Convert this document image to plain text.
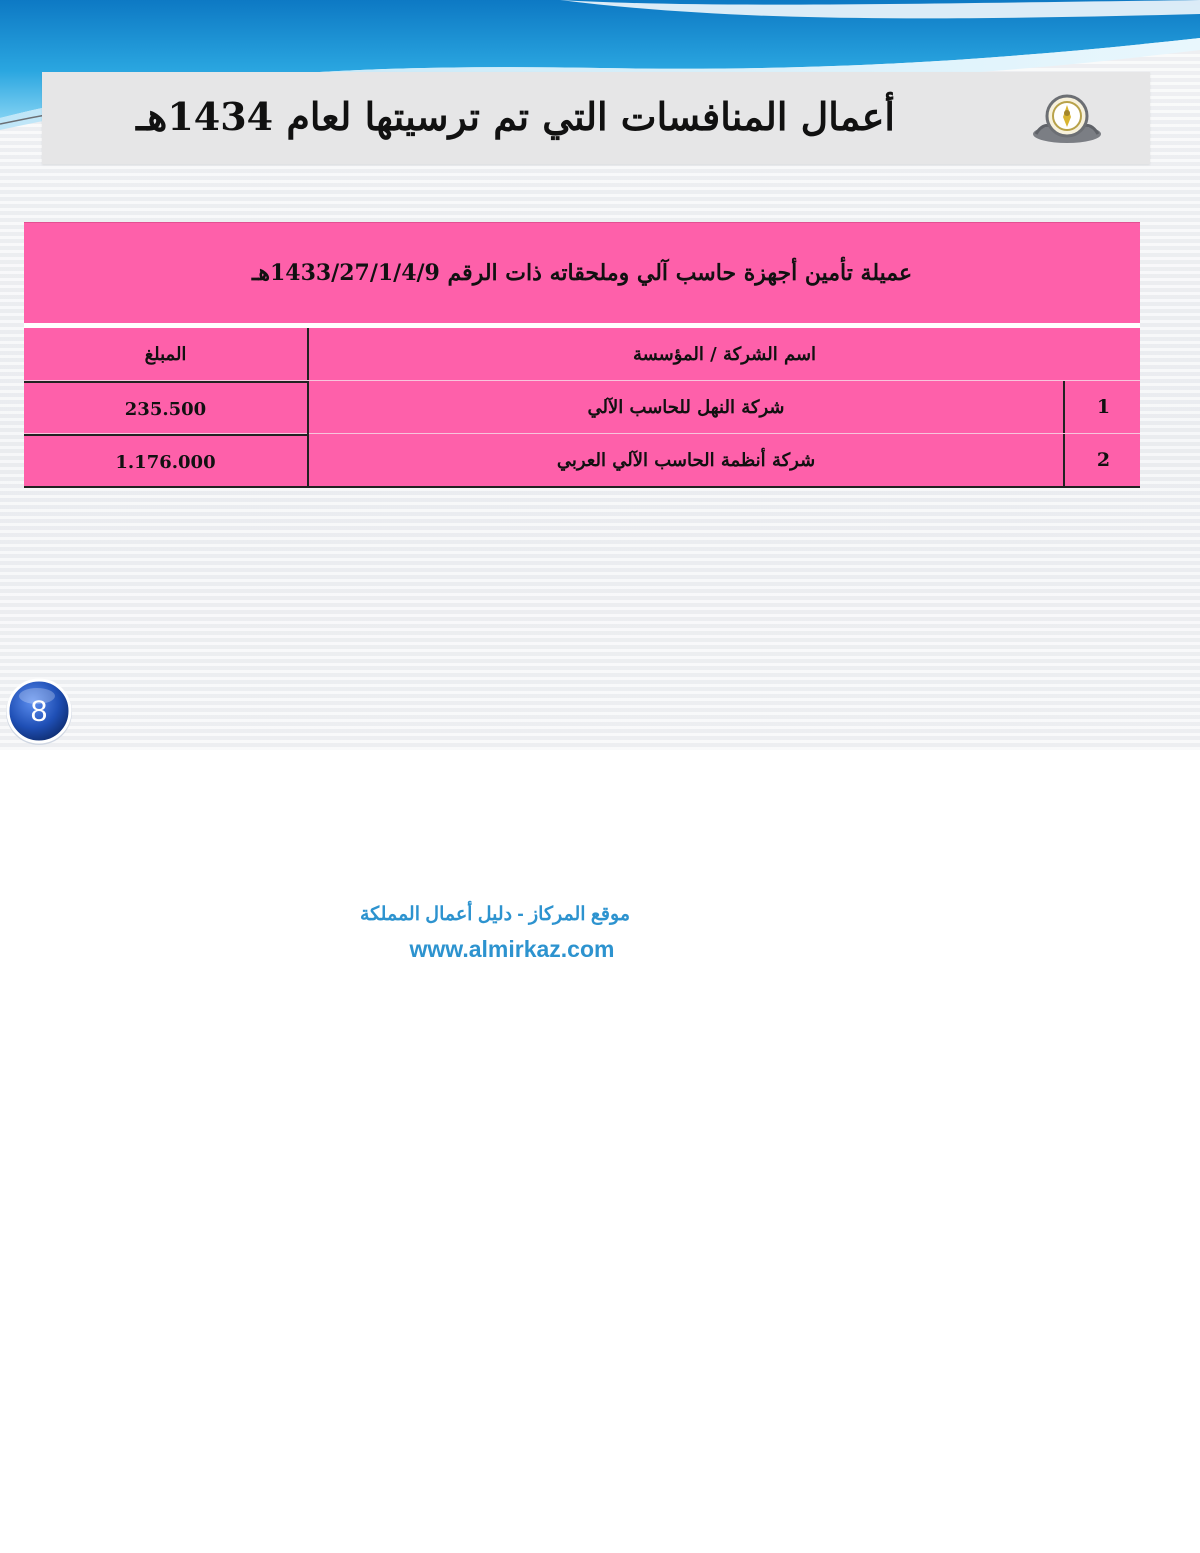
أعمال المنافسات التي تم ترسيتها لعام 1434هـ
عميلة تأمين أجهزة حاسب آلي وملحقاته ذات الرقم 1433/27/1/4/9هـ
المبلغ	اسم الشركة / المؤسسة
235.500	شركة النهل للحاسب الآلي	1
1.176.000	شركة أنظمة الحاسب الآلي العربي	2
8
موقع المركاز - دليل أعمال المملكة
www.almirkaz.com
